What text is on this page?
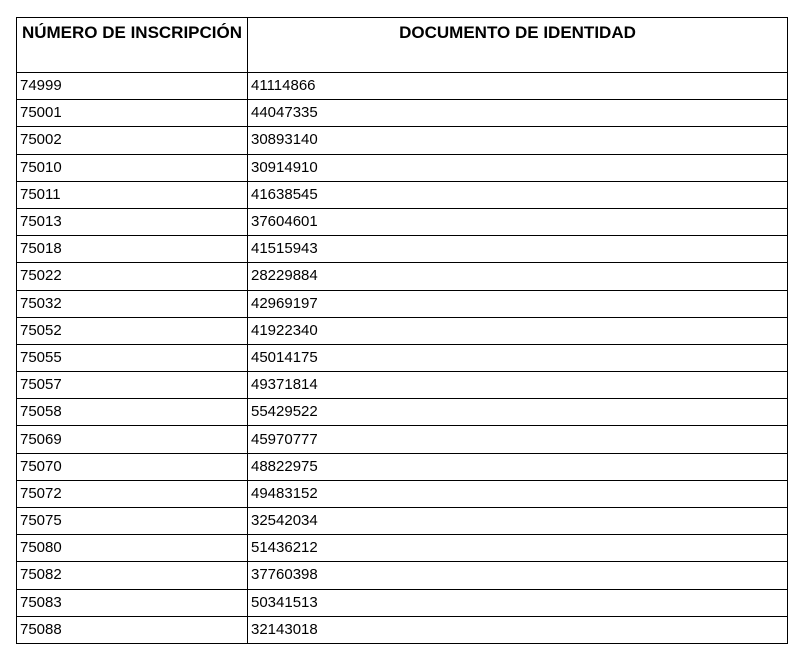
NÚMERO DE INSCRIPCIÓN	DOCUMENTO DE IDENTIDAD
74999	41114866
75001	44047335
75002	30893140
75010	30914910
75011	41638545
75013	37604601
75018	41515943
75022	28229884
75032	42969197
75052	41922340
75055	45014175
75057	49371814
75058	55429522
75069	45970777
75070	48822975
75072	49483152
75075	32542034
75080	51436212
75082	37760398
75083	50341513
75088	32143018
